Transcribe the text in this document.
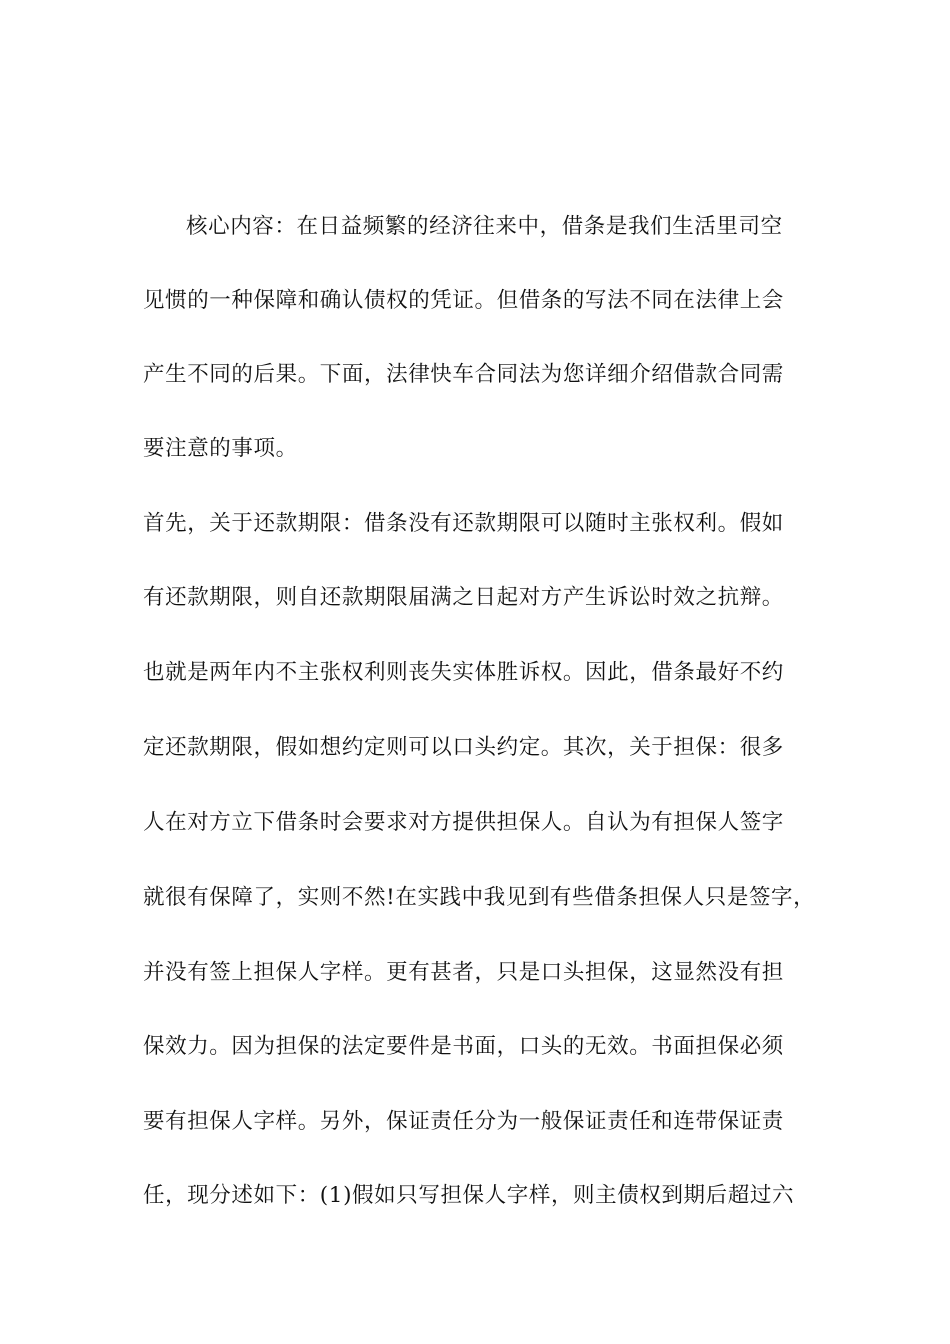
核心内容：在日益频繁的经济往来中，借条是我们生活里司空
见惯的一种保障和确认债权的凭证。但借条的写法不同在法律上会
产生不同的后果。下面，法律快车合同法为您详细介绍借款合同需
要注意的事项。
首先，关于还款期限：借条没有还款期限可以随时主张权利。假如
有还款期限，则自还款期限届满之日起对方产生诉讼时效之抗辩。
也就是两年内不主张权利则丧失实体胜诉权。因此，借条最好不约
定还款期限，假如想约定则可以口头约定。其次，关于担保：很多
人在对方立下借条时会要求对方提供担保人。自认为有担保人签字
就很有保障了，实则不然!在实践中我见到有些借条担保人只是签字，
并没有签上担保人字样。更有甚者，只是口头担保，这显然没有担
保效力。因为担保的法定要件是书面，口头的无效。书面担保必须
要有担保人字样。另外，保证责任分为一般保证责任和连带保证责
任，现分述如下：(1)假如只写担保人字样，则主债权到期后超过六
